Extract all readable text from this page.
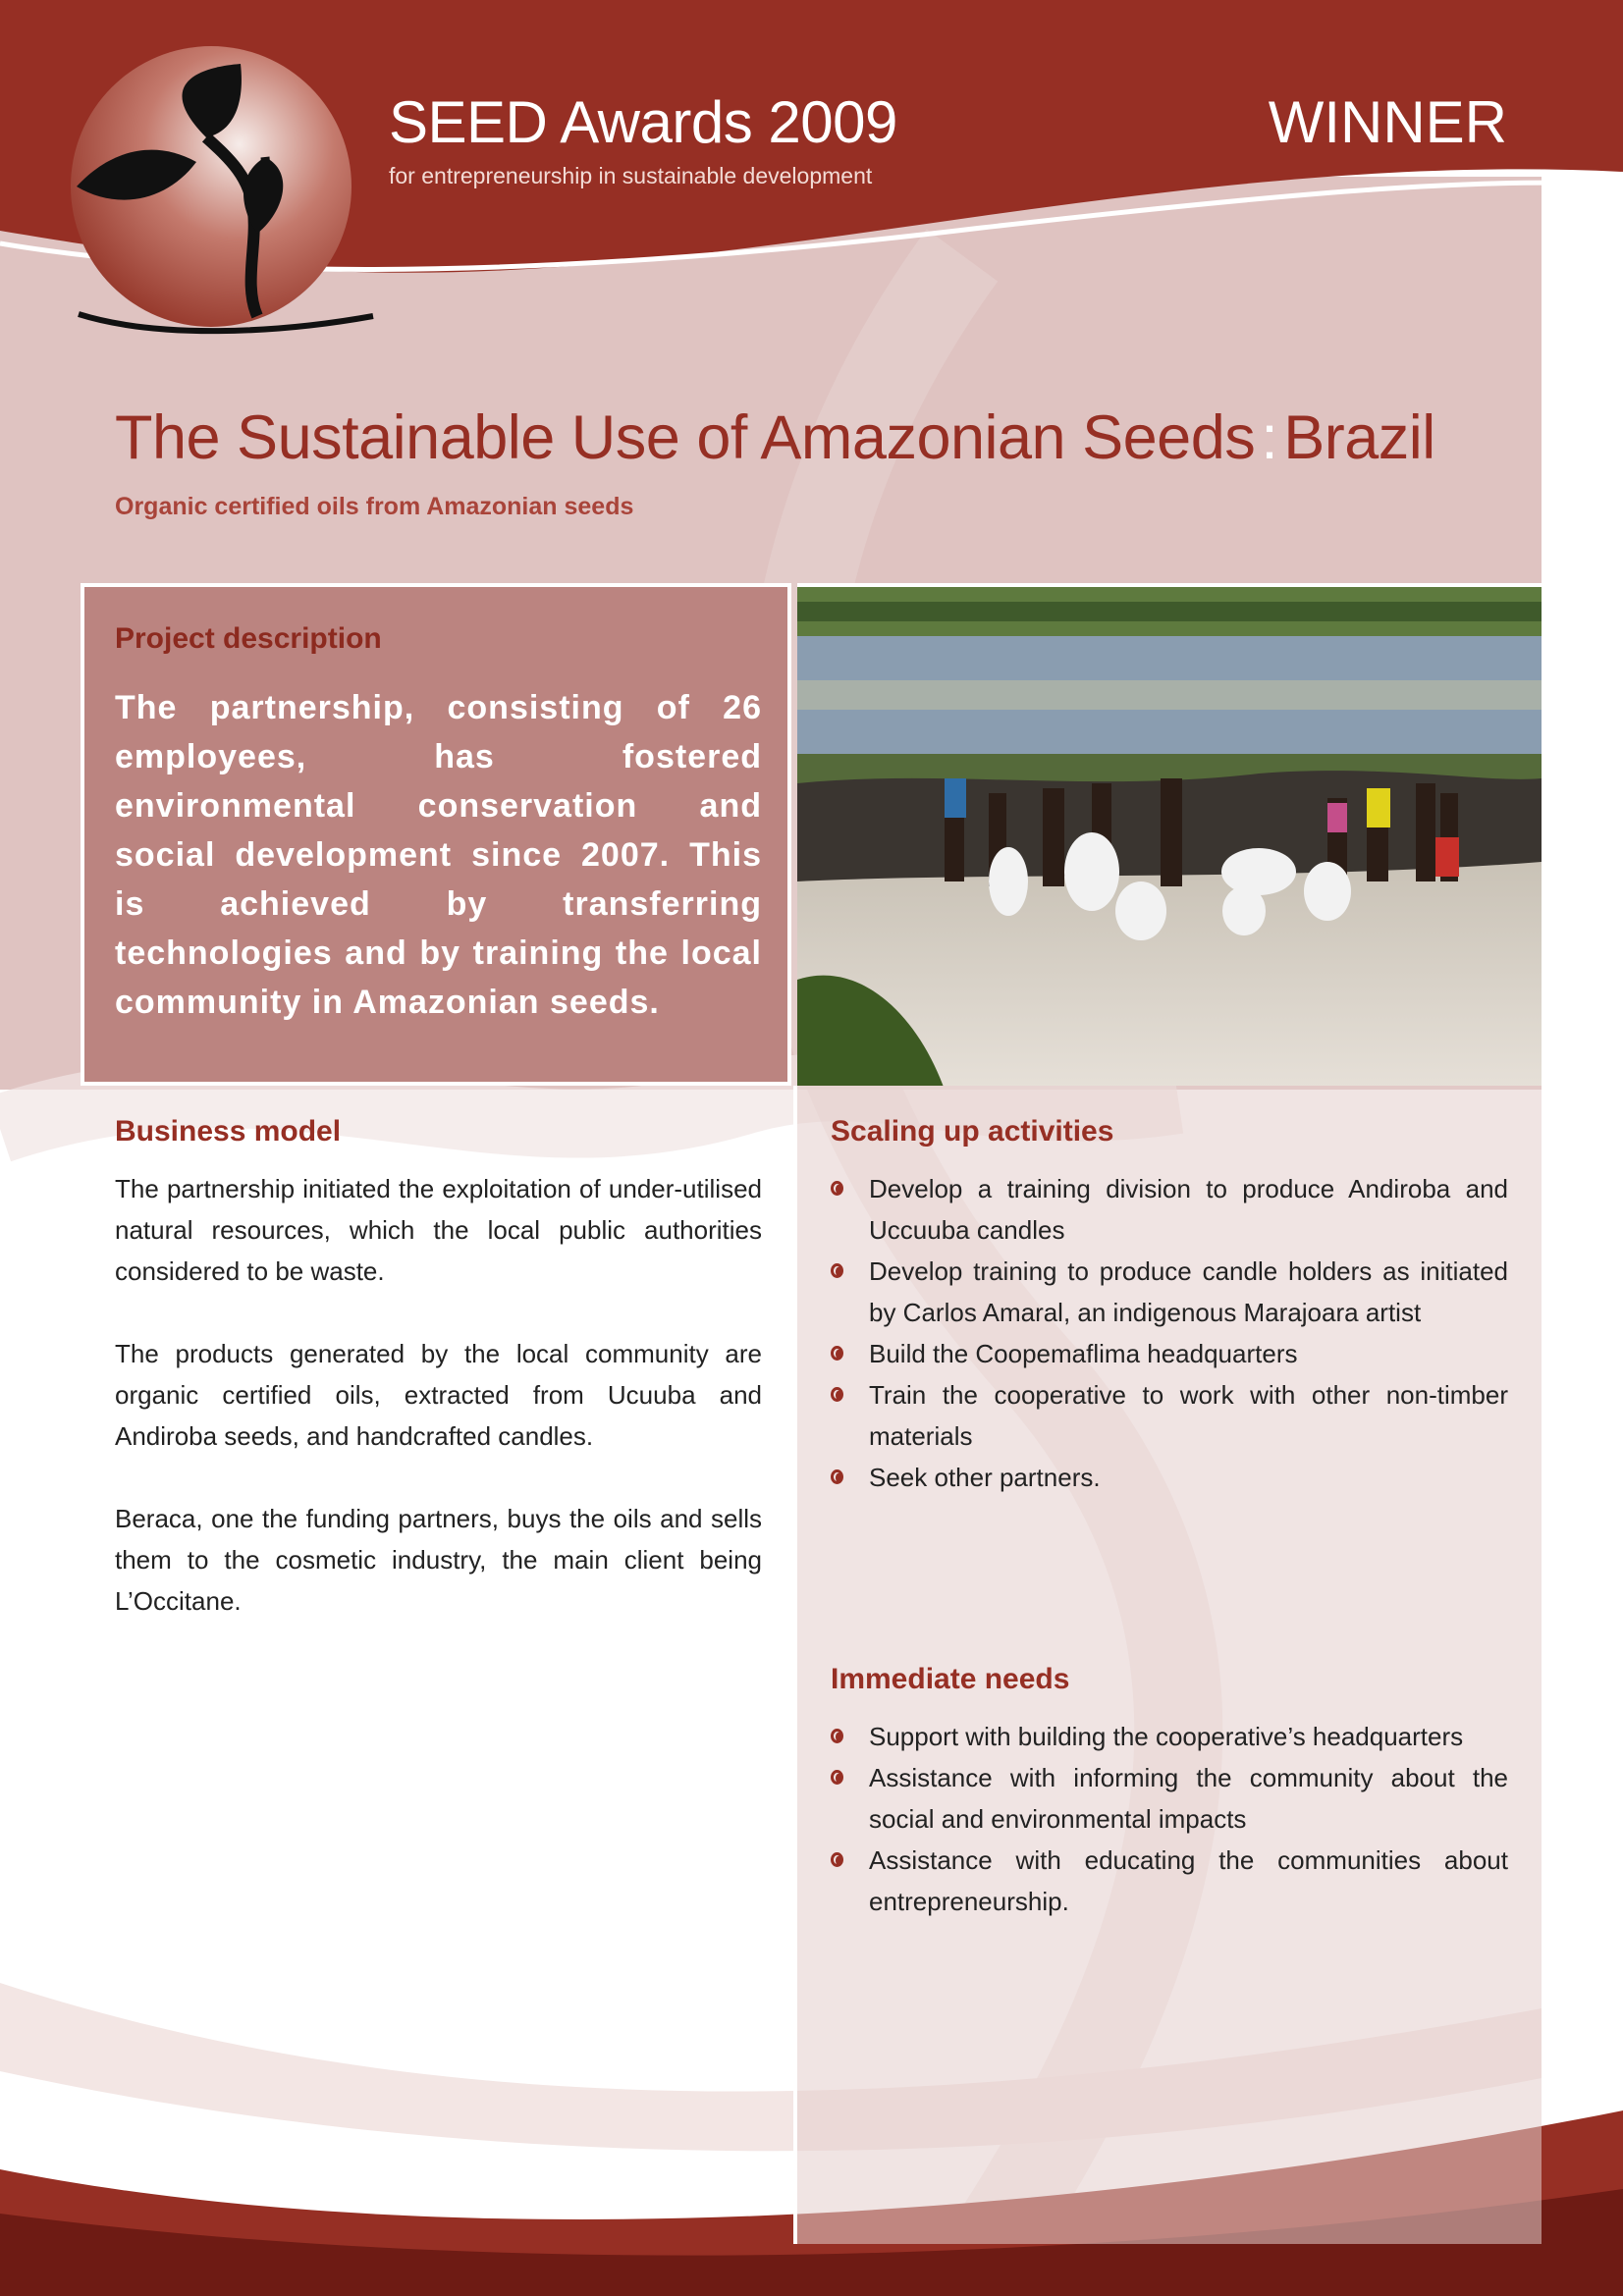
SEED Awards 2009
for entrepreneurship in sustainable development
WINNER
The Sustainable Use of Amazonian Seeds:Brazil
Organic certified oils from Amazonian seeds
Project description
The partnership, consisting of 26 employees, has fostered environmental conservation and social development since 2007. This is achieved by transferring technologies and by training the local community in Amazonian seeds.
Business model

The partnership initiated the exploitation of under-utilised natural resources, which the local public authorities considered to be waste.

The products generated by the local community are organic certified oils, extracted from Ucuuba and Andiroba seeds, and handcrafted candles.

Beraca, one the funding partners, buys the oils and sells them to the cosmetic industry, the main client being L’Occitane.

Scaling up activities
Develop a training division to produce Andiroba and Uccuuba candles
Develop training to produce candle holders as initiated by Carlos Amaral, an indigenous Marajoara artist
Build the Coopemaflima headquarters
Train the cooperative to work with other non-timber materials
Seek other partners.
Immediate needs
Support with building the cooperative’s headquarters
Assistance with informing the community about the social and environmental impacts
Assistance with educating the communities about entrepreneurship.
